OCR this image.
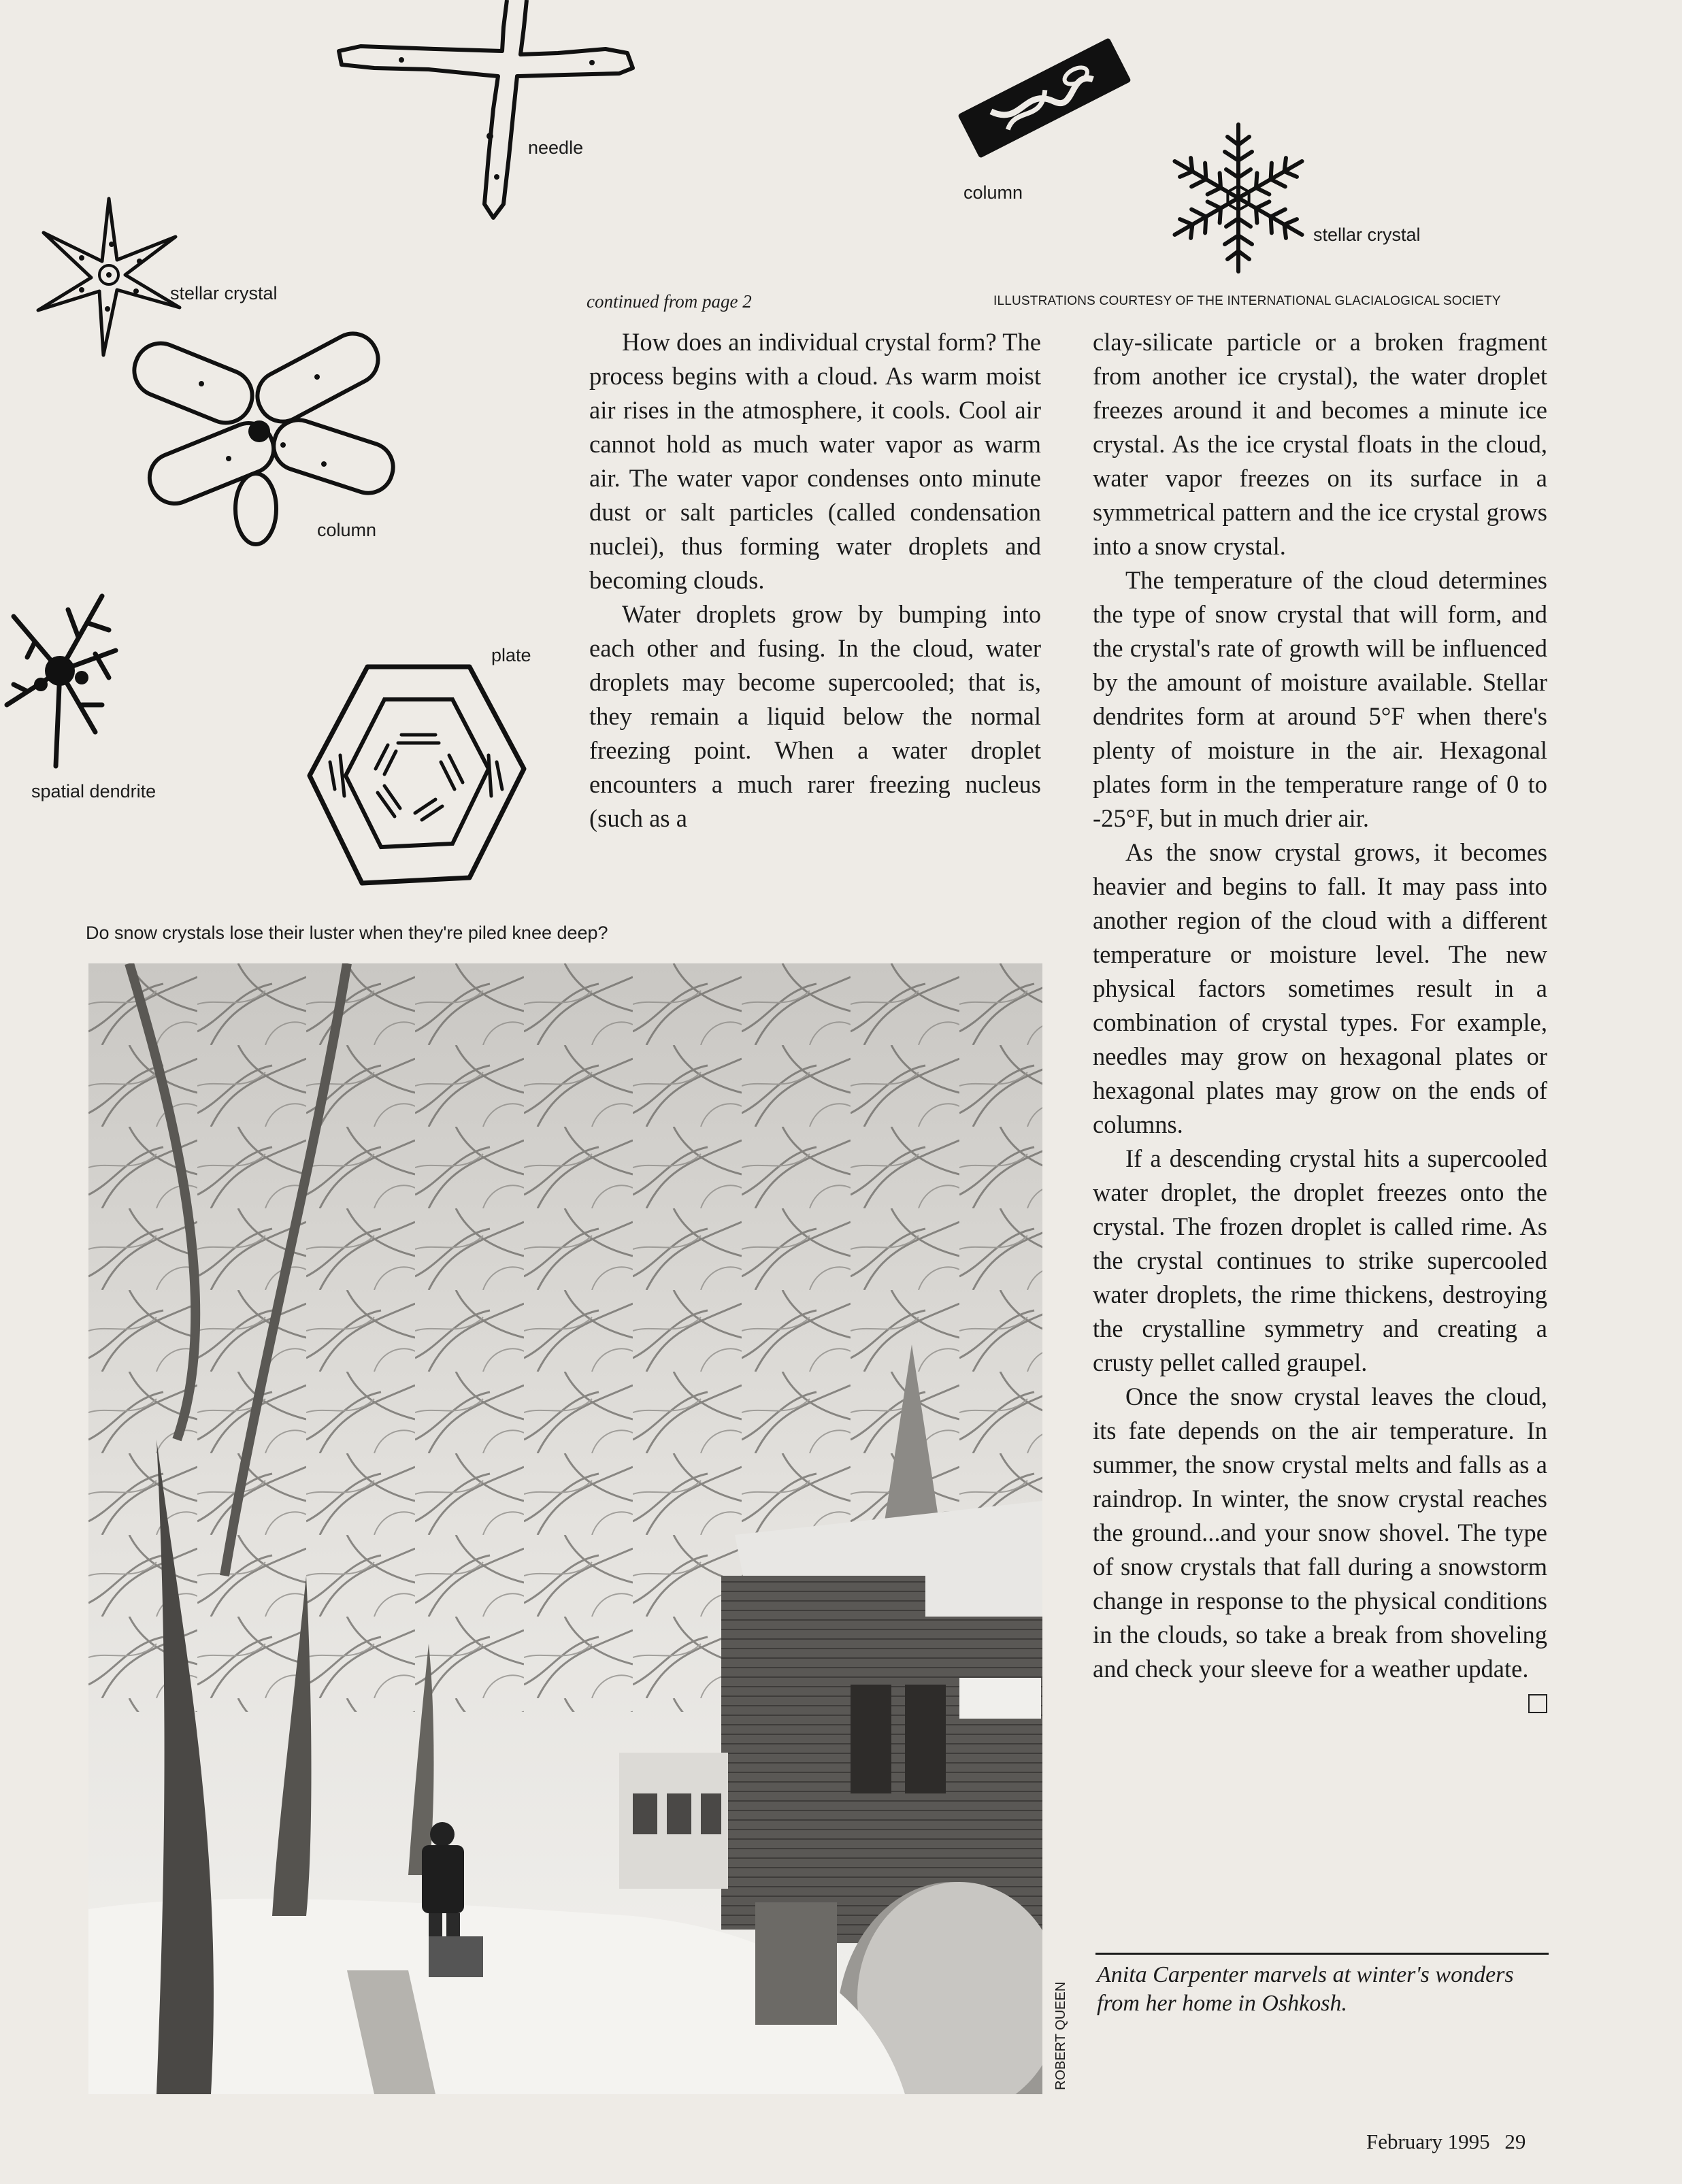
needle
column
stellar crystal
stellar crystal
column
spatial dendrite
plate
continued from page 2	ILLUSTRATIONS COURTESY OF THE INTERNATIONAL GLACIALOGICAL SOCIETY

How does an individual crystal form? The process begins with a cloud. As warm moist air rises in the atmosphere, it cools. Cool air cannot hold as much water vapor as warm air. The water vapor condenses onto minute dust or salt particles (called condensation nuclei), thus forming water droplets and becoming clouds.

Water droplets grow by bumping into each other and fusing. In the cloud, water droplets may become supercooled; that is, they remain a liquid below the normal freezing point. When a water droplet encounters a much rarer freezing nucleus (such as a

clay-silicate particle or a broken fragment from another ice crystal), the water droplet freezes around it and becomes a minute ice crystal. As the ice crystal floats in the cloud, water vapor freezes on its surface in a symmetrical pattern and the ice crystal grows into a snow crystal.

The temperature of the cloud determines the type of snow crystal that will form, and the crystal's rate of growth will be influenced by the amount of moisture available. Stellar dendrites form at around 5°F when there's plenty of moisture in the air. Hexagonal plates form in the temperature range of 0 to -25°F, but in much drier air.

As the snow crystal grows, it becomes heavier and begins to fall. It may pass into another region of the cloud with a different temperature or moisture level. The new physical factors sometimes result in a combination of crystal types. For example, needles may grow on hexagonal plates or hexagonal plates may grow on the ends of columns.

If a descending crystal hits a supercooled water droplet, the droplet freezes onto the crystal. The frozen droplet is called rime. As the crystal continues to strike supercooled water droplets, the rime thickens, destroying the crystalline symmetry and creating a crusty pellet called graupel.

Once the snow crystal leaves the cloud, its fate depends on the air temperature. In summer, the snow crystal melts and falls as a raindrop. In winter, the snow crystal reaches the ground...and your snow shovel. The type of snow crystals that fall during a snowstorm change in response to the physical conditions in the clouds, so take a break from shoveling and check your sleeve for a weather update.

Anita Carpenter marvels at winter's wonders from her home in Oshkosh.
Do snow crystals lose their luster when they're piled knee deep?
ROBERT QUEEN
February 1995 29
